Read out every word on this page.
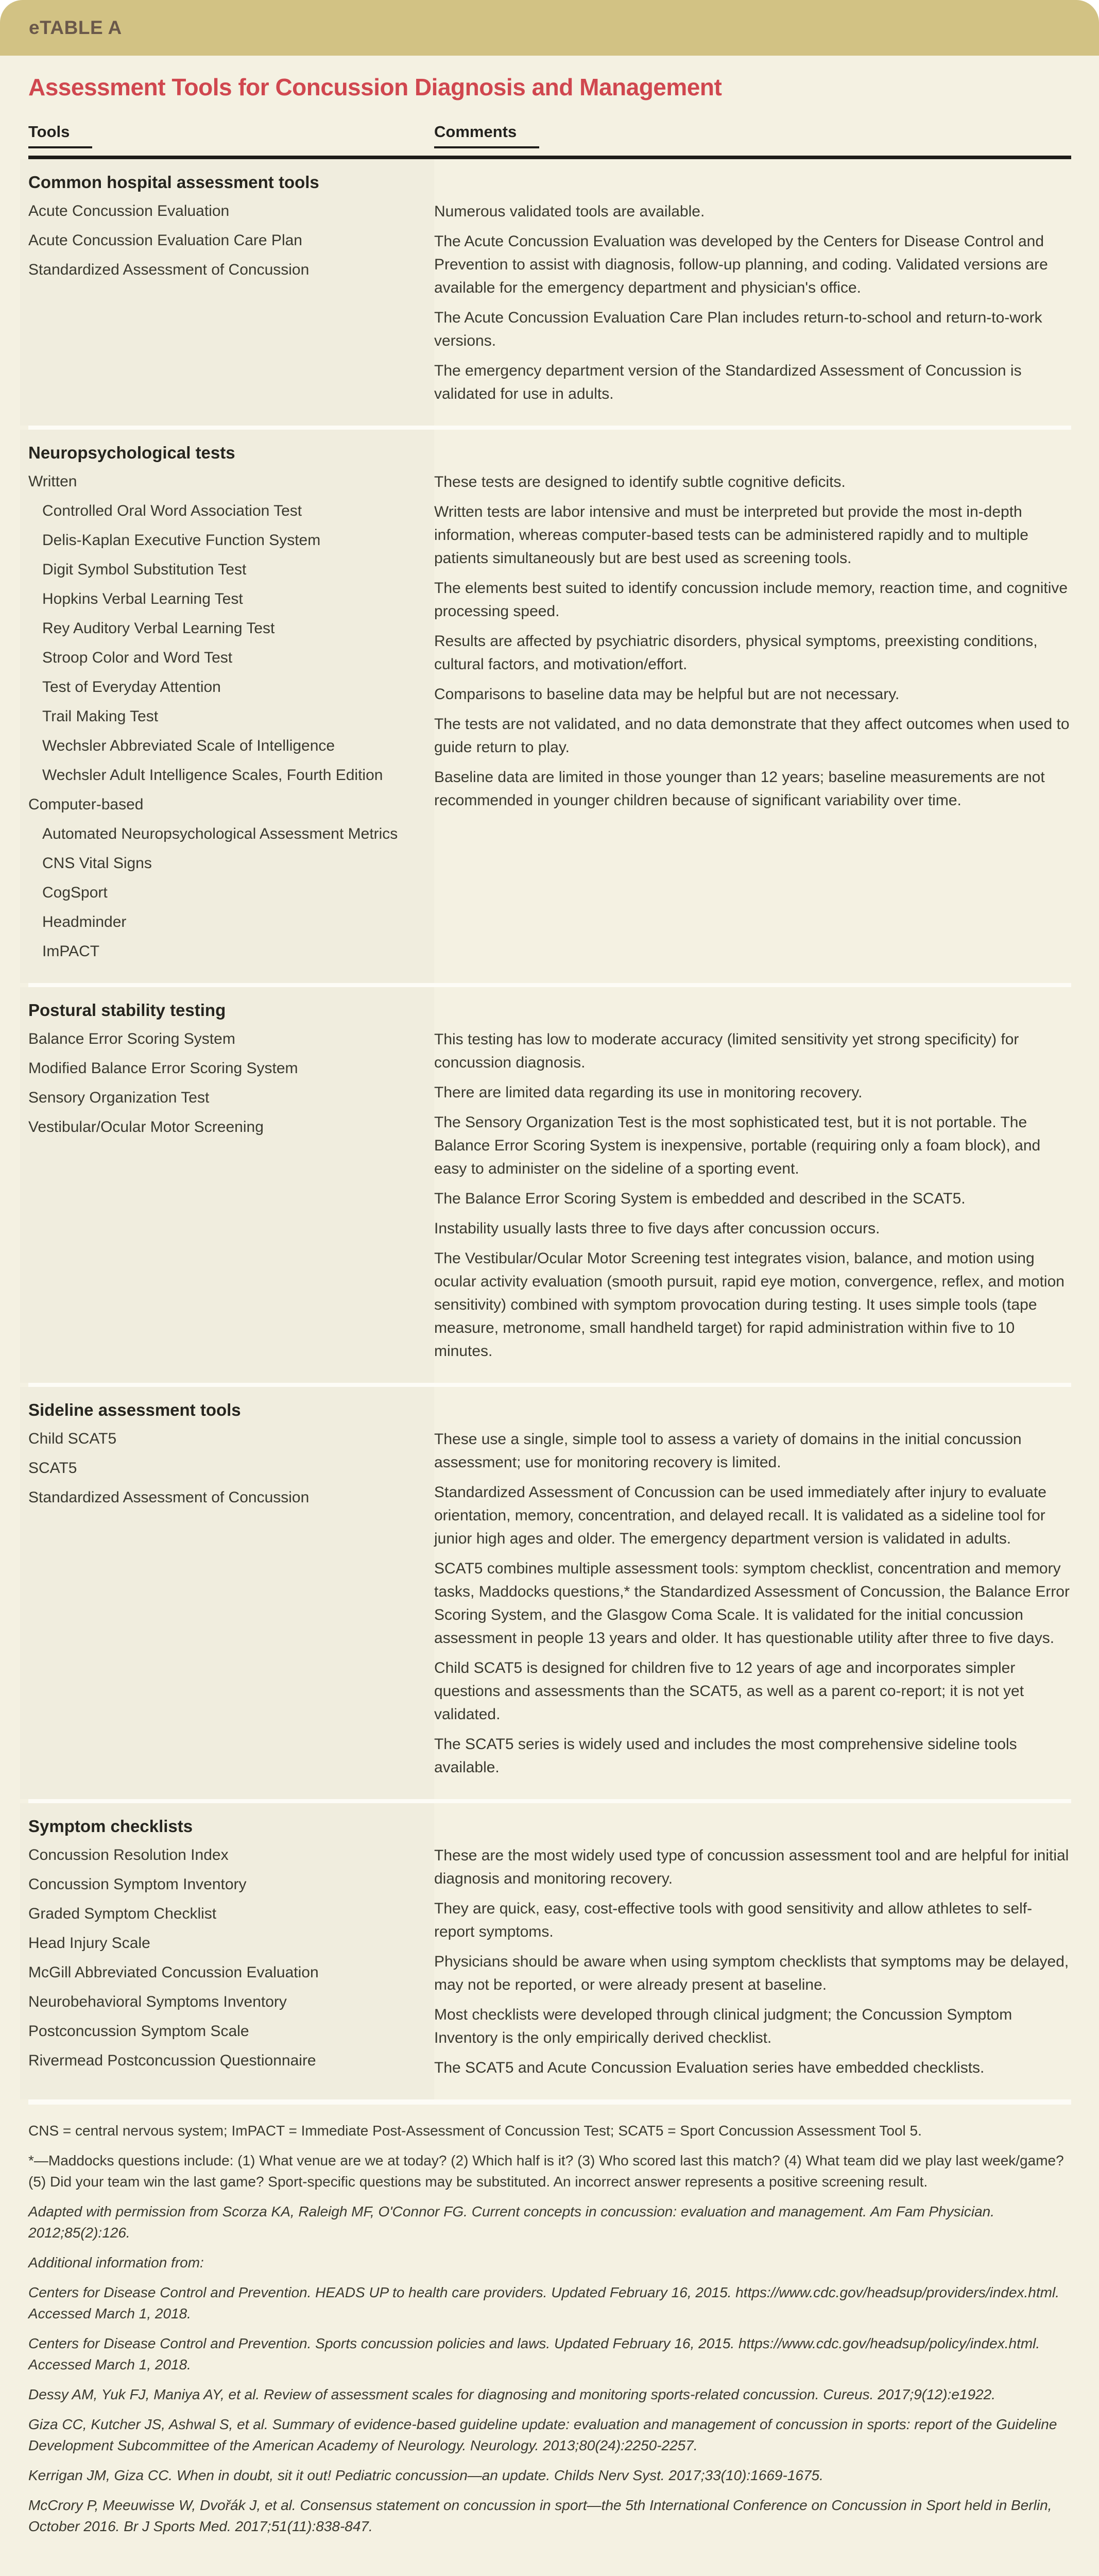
eTABLE A
Assessment Tools for Concussion Diagnosis and Management
Tools	Comments
Common hospital assessment tools
Acute Concussion Evaluation
Acute Concussion Evaluation Care Plan
Standardized Assessment of Concussion

Numerous validated tools are available.

The Acute Concussion Evaluation was developed by the Centers for Disease Control and Prevention to assist with diagnosis, follow-up planning, and coding. Validated versions are available for the emergency department and physician's office.

The Acute Concussion Evaluation Care Plan includes return-to-school and return-to-work versions.

The emergency department version of the Standardized Assessment of Concussion is validated for use in adults.

Neuropsychological tests
Written
Controlled Oral Word Association Test
Delis-Kaplan Executive Function System
Digit Symbol Substitution Test
Hopkins Verbal Learning Test
Rey Auditory Verbal Learning Test
Stroop Color and Word Test
Test of Everyday Attention
Trail Making Test
Wechsler Abbreviated Scale of Intelligence
Wechsler Adult Intelligence Scales, Fourth Edition
Computer-based
Automated Neuropsychological Assessment Metrics
CNS Vital Signs
CogSport
Headminder
ImPACT

These tests are designed to identify subtle cognitive deficits.

Written tests are labor intensive and must be interpreted but provide the most in-depth information, whereas computer-based tests can be administered rapidly and to multiple patients simultaneously but are best used as screening tools.

The elements best suited to identify concussion include memory, reaction time, and cognitive processing speed.

Results are affected by psychiatric disorders, physical symptoms, preexisting conditions, cultural factors, and motivation/effort.

Comparisons to baseline data may be helpful but are not necessary.

The tests are not validated, and no data demonstrate that they affect outcomes when used to guide return to play.

Baseline data are limited in those younger than 12 years; baseline measurements are not recommended in younger children because of significant variability over time.

Postural stability testing
Balance Error Scoring System
Modified Balance Error Scoring System
Sensory Organization Test
Vestibular/Ocular Motor Screening

This testing has low to moderate accuracy (limited sensitivity yet strong specificity) for concussion diagnosis.

There are limited data regarding its use in monitoring recovery.

The Sensory Organization Test is the most sophisticated test, but it is not portable. The Balance Error Scoring System is inexpensive, portable (requiring only a foam block), and easy to administer on the sideline of a sporting event.

The Balance Error Scoring System is embedded and described in the SCAT5.

Instability usually lasts three to five days after concussion occurs.

The Vestibular/Ocular Motor Screening test integrates vision, balance, and motion using ocular activity evaluation (smooth pursuit, rapid eye motion, convergence, reflex, and motion sensitivity) combined with symptom provocation during testing. It uses simple tools (tape measure, metronome, small handheld target) for rapid administration within five to 10 minutes.

Sideline assessment tools
Child SCAT5
SCAT5
Standardized Assessment of Concussion

These use a single, simple tool to assess a variety of domains in the initial concussion assessment; use for monitoring recovery is limited.

Standardized Assessment of Concussion can be used immediately after injury to evaluate orientation, memory, concentration, and delayed recall. It is validated as a sideline tool for junior high ages and older. The emergency department version is validated in adults.

SCAT5 combines multiple assessment tools: symptom checklist, concentration and memory tasks, Maddocks questions,* the Standardized Assessment of Concussion, the Balance Error Scoring System, and the Glasgow Coma Scale. It is validated for the initial concussion assessment in people 13 years and older. It has questionable utility after three to five days.

Child SCAT5 is designed for children five to 12 years of age and incorporates simpler questions and assessments than the SCAT5, as well as a parent co-report; it is not yet validated.

The SCAT5 series is widely used and includes the most comprehensive sideline tools available.

Symptom checklists
Concussion Resolution Index
Concussion Symptom Inventory
Graded Symptom Checklist
Head Injury Scale
McGill Abbreviated Concussion Evaluation
Neurobehavioral Symptoms Inventory
Postconcussion Symptom Scale
Rivermead Postconcussion Questionnaire

These are the most widely used type of concussion assessment tool and are helpful for initial diagnosis and monitoring recovery.

They are quick, easy, cost-effective tools with good sensitivity and allow athletes to self-report symptoms.

Physicians should be aware when using symptom checklists that symptoms may be delayed, may not be reported, or were already present at baseline.

Most checklists were developed through clinical judgment; the Concussion Symptom Inventory is the only empirically derived checklist.

The SCAT5 and Acute Concussion Evaluation series have embedded checklists.

CNS = central nervous system; ImPACT = Immediate Post-Assessment of Concussion Test; SCAT5 = Sport Concussion Assessment Tool 5.

*—Maddocks questions include: (1) What venue are we at today? (2) Which half is it? (3) Who scored last this match? (4) What team did we play last week/game? (5) Did your team win the last game? Sport-specific questions may be substituted. An incorrect answer represents a positive screening result.

Adapted with permission from Scorza KA, Raleigh MF, O'Connor FG. Current concepts in concussion: evaluation and management. Am Fam Physician. 2012;85(2):126.

Additional information from:

Centers for Disease Control and Prevention. HEADS UP to health care providers. Updated February 16, 2015. https://www.cdc.gov/headsup/providers/index.html. Accessed March 1, 2018.

Centers for Disease Control and Prevention. Sports concussion policies and laws. Updated February 16, 2015. https://www.cdc.gov/headsup/policy/index.html. Accessed March 1, 2018.

Dessy AM, Yuk FJ, Maniya AY, et al. Review of assessment scales for diagnosing and monitoring sports-related concussion. Cureus. 2017;9(12):e1922.

Giza CC, Kutcher JS, Ashwal S, et al. Summary of evidence-based guideline update: evaluation and management of concussion in sports: report of the Guideline Development Subcommittee of the American Academy of Neurology. Neurology. 2013;80(24):2250-2257.

Kerrigan JM, Giza CC. When in doubt, sit it out! Pediatric concussion—an update. Childs Nerv Syst. 2017;33(10):1669-1675.

McCrory P, Meeuwisse W, Dvořák J, et al. Consensus statement on concussion in sport—the 5th International Conference on Concussion in Sport held in Berlin, October 2016. Br J Sports Med. 2017;51(11):838-847.
